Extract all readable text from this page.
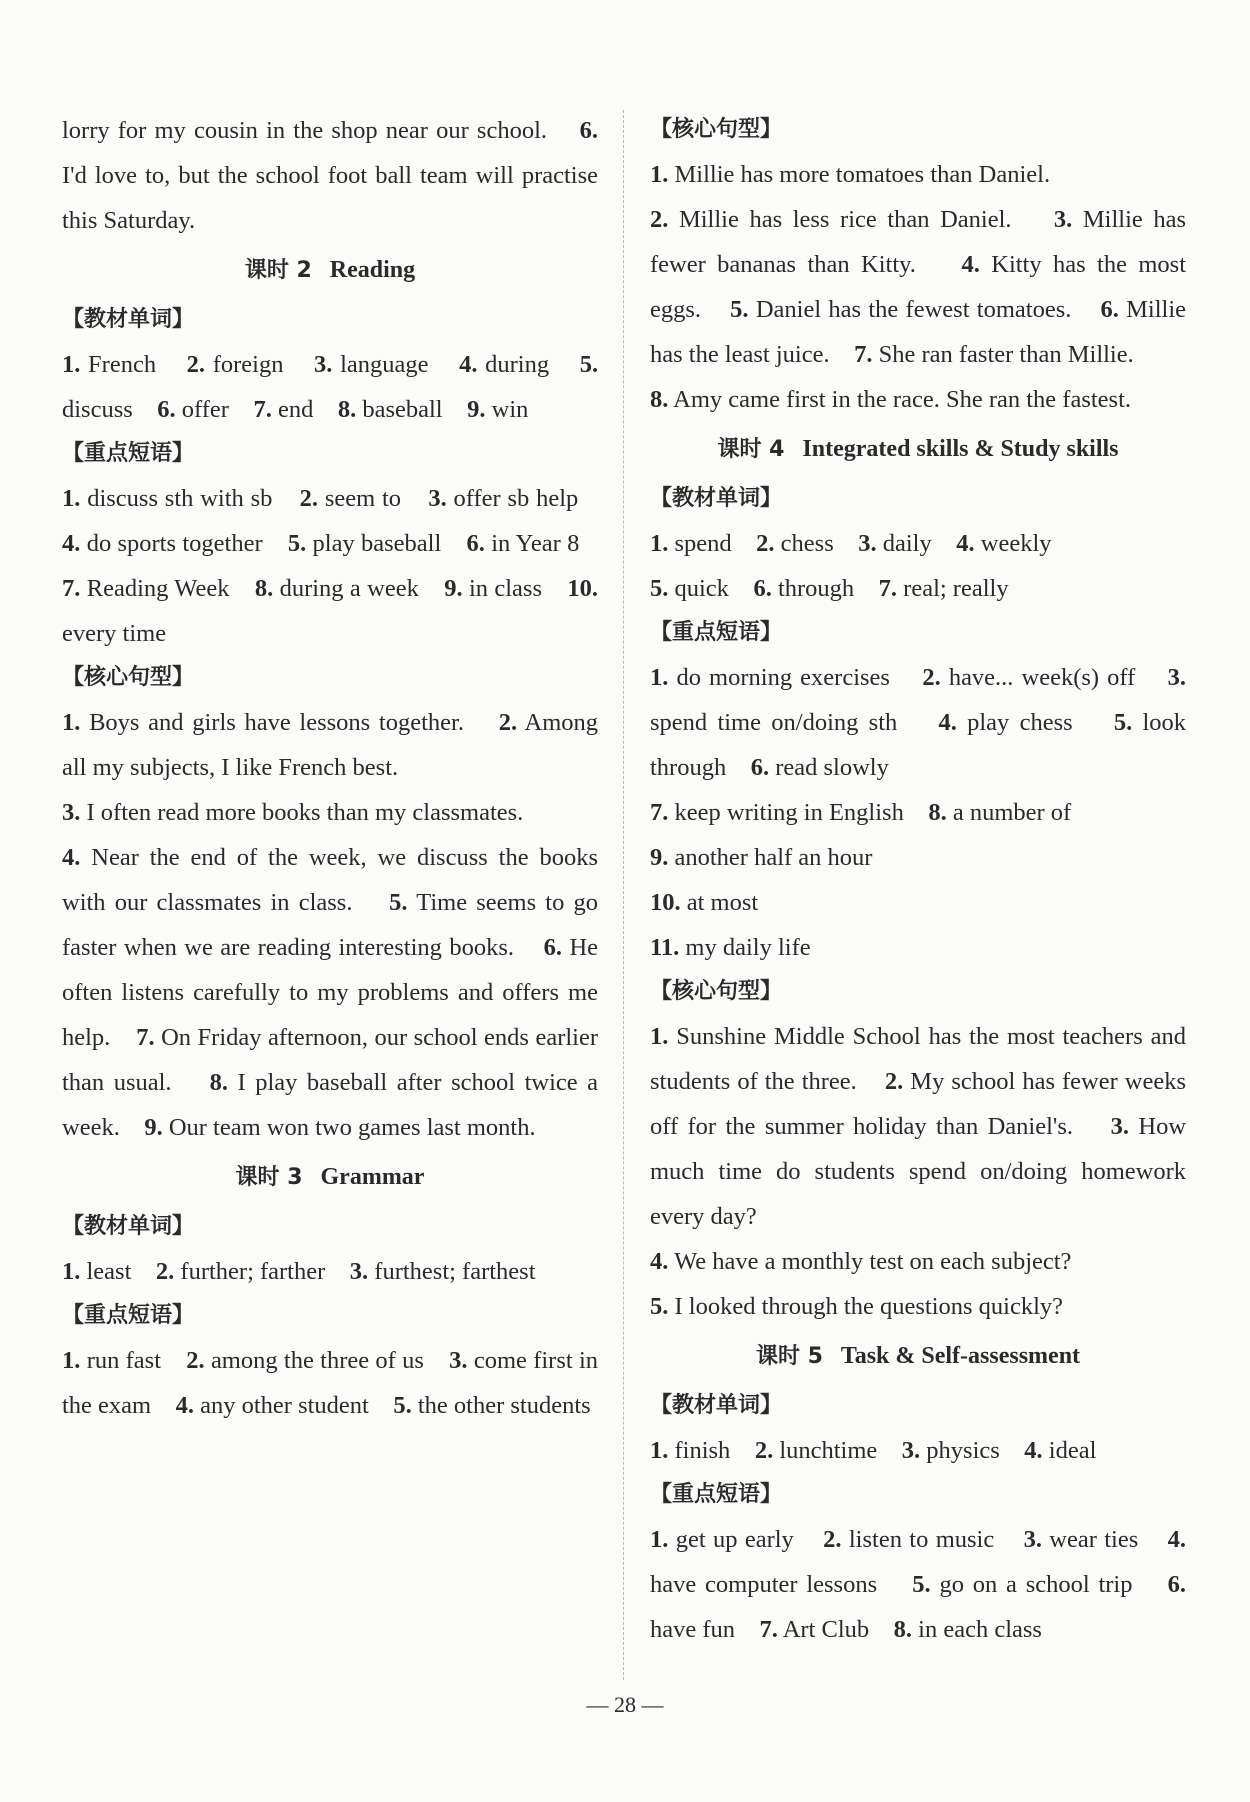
lorry for my cousin in the shop near our school. 6. I'd love to, but the school foot ball team will practise this Saturday.

课时 2 Reading

【教材单词】

1. French 2. foreign 3. language 4. during 5. discuss 6. offer 7. end 8. baseball 9. win

【重点短语】

1. discuss sth with sb 2. seem to 3. offer sb help    4. do sports together 5. play baseball 6. in Year 8    7. Reading Week 8. during a week 9. in class 10. every time

【核心句型】

1. Boys and girls have lessons together. 2. Among all my subjects, I like French best.
3. I often read more books than my classmates.
4. Near the end of the week, we discuss the books with our classmates in class. 5. Time seems to go faster when we are reading interesting books. 6. He often listens carefully to my problems and offers me help. 7. On Friday afternoon, our school ends earlier than usual. 8. I play baseball after school twice a week. 9. Our team won two games last month.

课时 3 Grammar

【教材单词】

1. least 2. further; farther 3. furthest; farthest

【重点短语】

1. run fast 2. among the three of us 3. come first in the exam 4. any other student 5. the other students

【核心句型】

1. Millie has more tomatoes than Daniel.
2. Millie has less rice than Daniel. 3. Millie has fewer bananas than Kitty. 4. Kitty has the most eggs. 5. Daniel has the fewest tomatoes. 6. Millie has the least juice. 7. She ran faster than Millie.
8. Amy came first in the race. She ran the fastest.

课时 4 Integrated skills & Study skills

【教材单词】

1. spend 2. chess 3. daily 4. weekly
5. quick 6. through 7. real; really

【重点短语】

1. do morning exercises 2. have... week(s) off 3. spend time on/doing sth 4. play chess 5. look through 6. read slowly
7. keep writing in English 8. a number of
9. another half an hour
10. at most
11. my daily life

【核心句型】

1. Sunshine Middle School has the most teachers and students of the three. 2. My school has fewer weeks off for the summer holiday than Daniel's. 3. How much time do students spend on/doing homework every day?
4. We have a monthly test on each subject?
5. I looked through the questions quickly?

课时 5 Task & Self-assessment

【教材单词】

1. finish 2. lunchtime 3. physics 4. ideal

【重点短语】

1. get up early 2. listen to music 3. wear ties 4. have computer lessons 5. go on a school trip 6. have fun 7. Art Club 8. in each class

— 28 —
